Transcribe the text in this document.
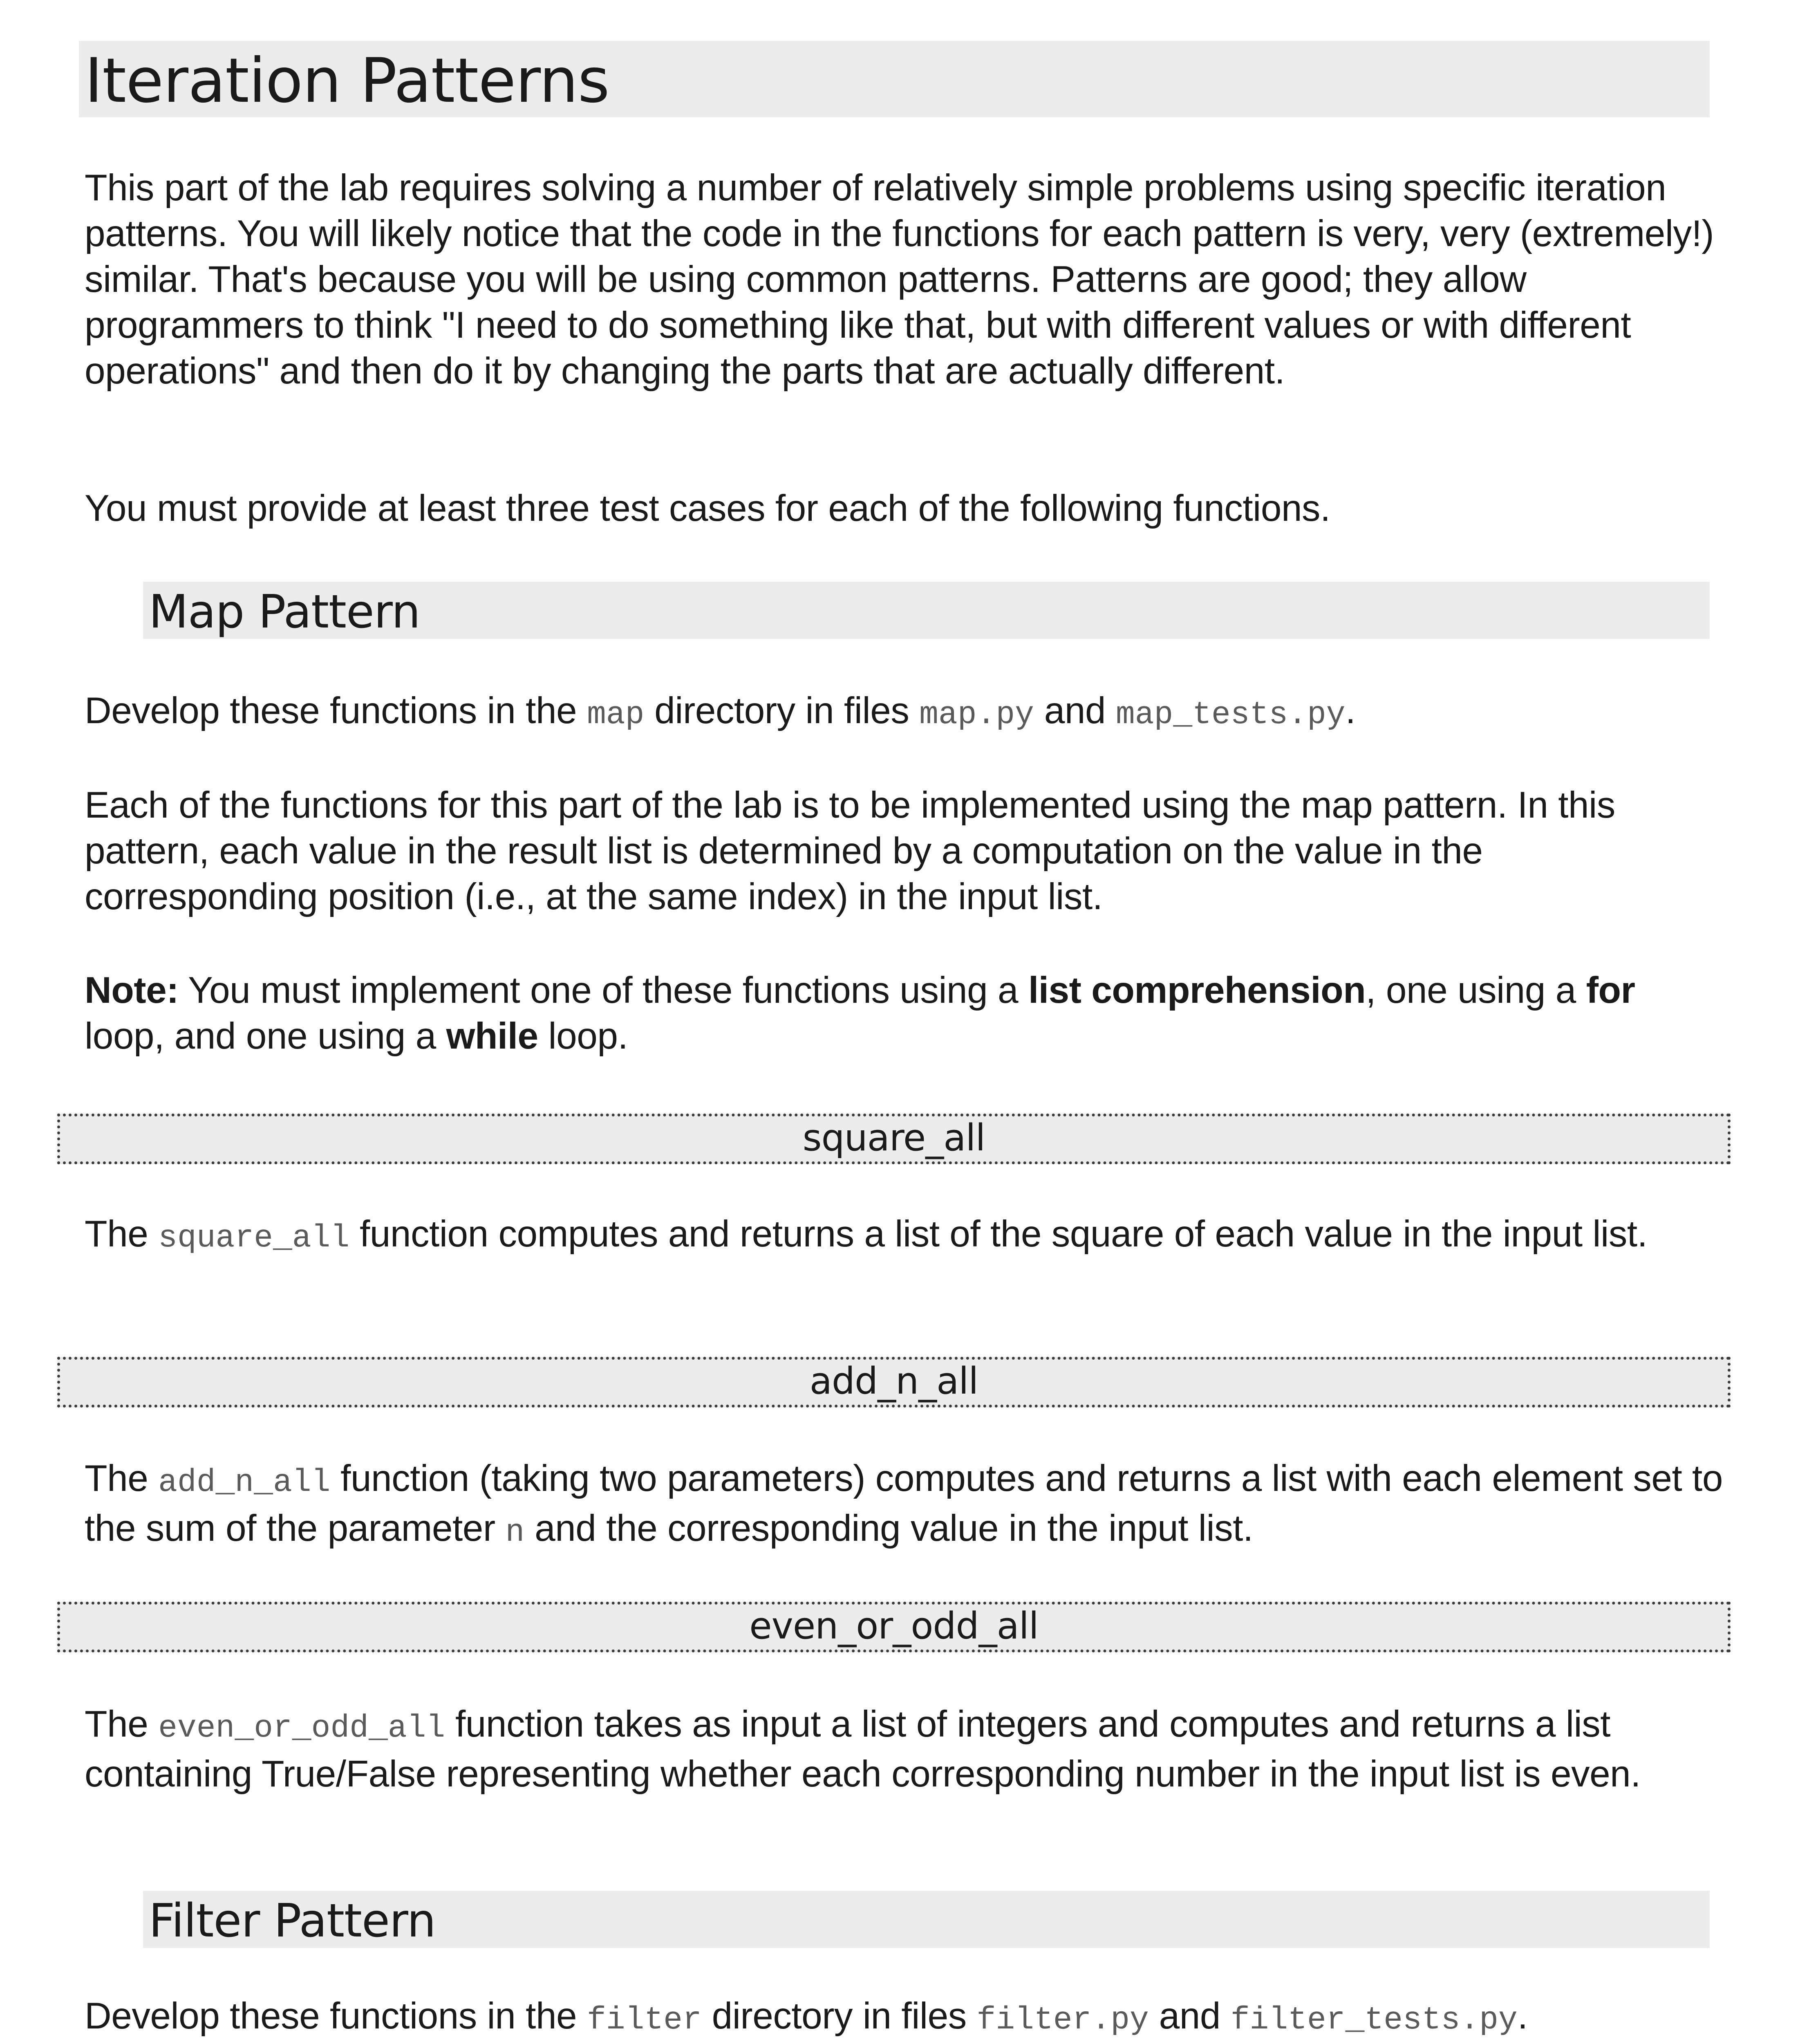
Iteration Patterns

This part of the lab requires solving a number of relatively simple problems using specific iteration patterns. You will likely notice that the code in the functions for each pattern is very, very (extremely!) similar. That's because you will be using common patterns. Patterns are good; they allow programmers to think "I need to do something like that, but with different values or with different operations" and then do it by changing the parts that are actually different.

You must provide at least three test cases for each of the following functions.

Map Pattern

Develop these functions in the map directory in files map.py and map_tests.py.

Each of the functions for this part of the lab is to be implemented using the map pattern. In this pattern, each value in the result list is determined by a computation on the value in the corresponding position (i.e., at the same index) in the input list.

Note: You must implement one of these functions using a list comprehension, one using a for loop, and one using a while loop.

square_all

The square_all function computes and returns a list of the square of each value in the input list.

add_n_all

The add_n_all function (taking two parameters) computes and returns a list with each element set to the sum of the parameter n and the corresponding value in the input list.

even_or_odd_all

The even_or_odd_all function takes as input a list of integers and computes and returns a list containing True/False representing whether each corresponding number in the input list is even.

Filter Pattern

Develop these functions in the filter directory in files filter.py and filter_tests.py.
